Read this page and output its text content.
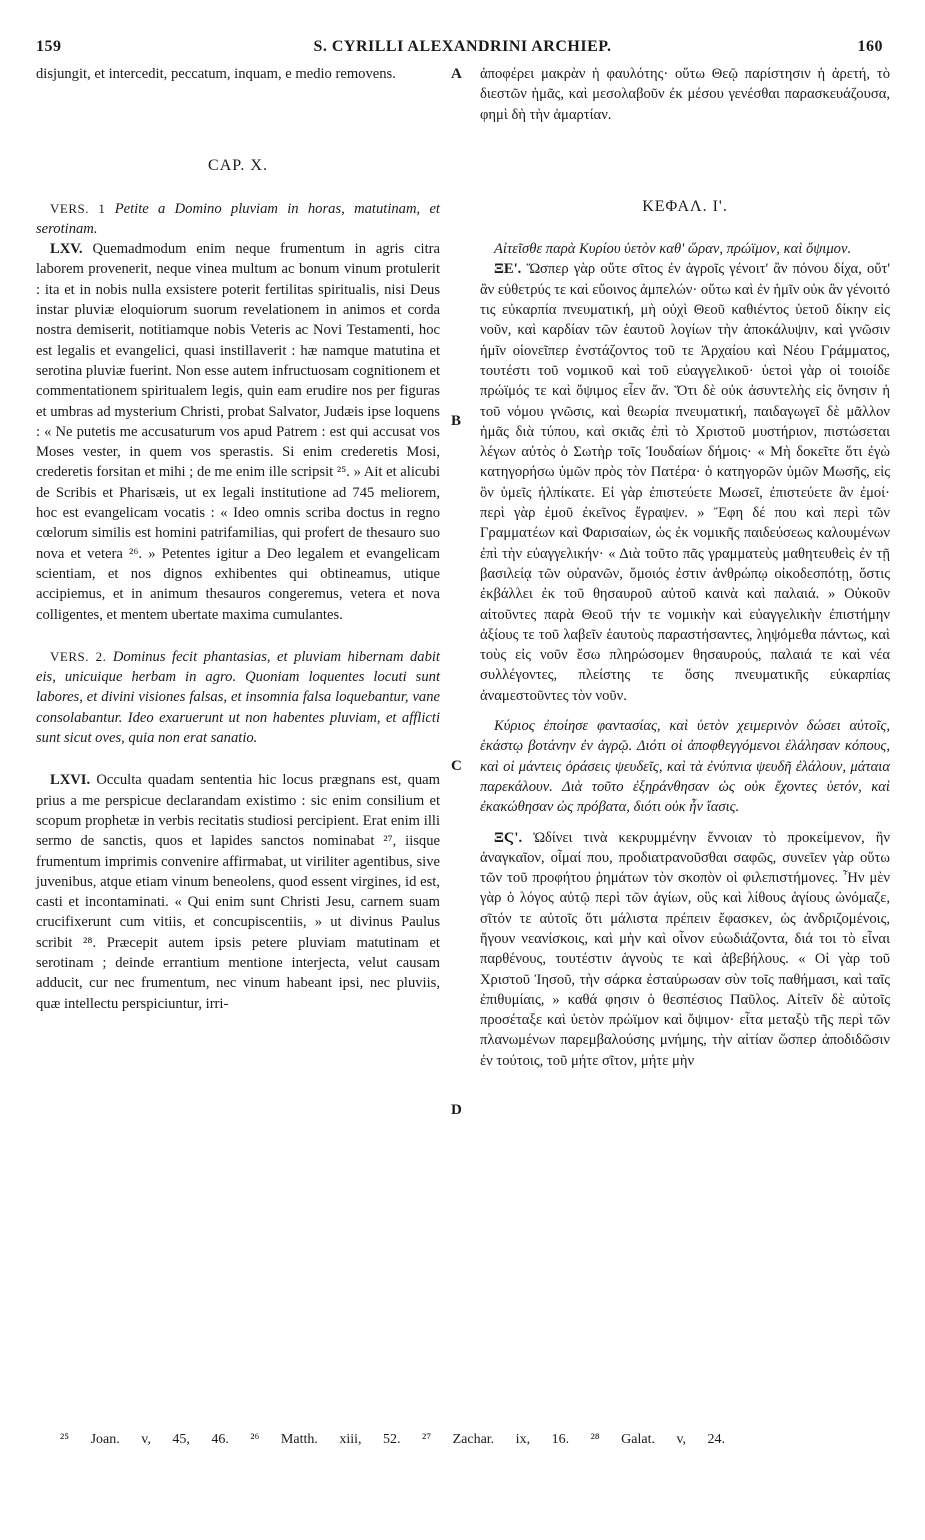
159	S. CYRILLI ALEXANDRINI ARCHIEP.	160

disjungit, et intercedit, peccatum, inquam, e medio removens.

CAP. X.

VERS. 1 Petite a Domino pluviam in horas, matutinam, et serotinam.

LXV. Quemadmodum enim neque frumentum in agris citra laborem provenerit, neque vinea multum ac bonum vinum protulerit : ita et in nobis nulla exsistere poterit fertilitas spiritualis, nisi Deus instar pluviæ eloquiorum suorum revelationem in animos et corda nostra demiserit, notitiamque nobis Veteris ac Novi Testamenti, hoc est legalis et evangelici, quasi instillaverit : hæ namque matutina et serotina pluviæ fuerint. Non esse autem infructuosam cognitionem et commentationem spiritualem legis, quin eam erudire nos per figuras et umbras ad mysterium Christi, probat Salvator, Judæis ipse loquens : « Ne putetis me accusaturum vos apud Patrem : est qui accusat vos Moses vester, in quem vos sperastis. Si enim crederetis Mosi, crederetis forsitan et mihi ; de me enim ille scripsit ²⁵. » Ait et alicubi de Scribis et Pharisæis, ut ex legali institutione ad 745 meliorem, hoc est evangelicam vocatis : « Ideo omnis scriba doctus in regno cœlorum similis est homini patrifamilias, qui profert de thesauro suo nova et vetera ²⁶. » Petentes igitur a Deo legalem et evangelicam scientiam, et nos dignos exhibentes qui obtineamus, utique accipiemus, et in animum thesauros congeremus, vetera et nova colligentes, et mentem ubertate maxima cumulantes.

VERS. 2. Dominus fecit phantasias, et pluviam hibernam dabit eis, unicuique herbam in agro. Quoniam loquentes locuti sunt labores, et divini visiones falsas, et insomnia falsa loquebantur, vane consolabantur. Ideo exaruerunt ut non habentes pluviam, et afflicti sunt sicut oves, quia non erat sanatio.

LXVI. Occulta quadam sententia hic locus prægnans est, quam prius a me perspicue declarandam existimo : sic enim consilium et scopum prophetæ in verbis recitatis studiosi percipient. Erat enim illi sermo de sanctis, quos et lapides sanctos nominabat ²⁷, iisque frumentum imprimis convenire affirmabat, ut viriliter agentibus, sive juvenibus, atque etiam vinum beneolens, quod essent virgines, id est, casti et incontaminati. « Qui enim sunt Christi Jesu, carnem suam crucifixerunt cum vitiis, et concupiscentiis, » ut divinus Paulus scribit ²⁸. Præcepit autem ipsis petere pluviam matutinam et serotinam ; deinde errantium mentione interjecta, velut causam adducit, cur nec frumentum, nec vinum habeant ipsi, nec pluviis, quæ intellectu perspiciuntur, irri-

A
B
C
D

ἀποφέρει μακρὰν ἡ φαυλότης· οὕτω Θεῷ παρίστησιν ἡ ἀρετή, τὸ διεστῶν ἡμᾶς, καὶ μεσολαβοῦν ἐκ μέσου γενέσθαι παρασκευάζουσα, φημὶ δὴ τὴν ἁμαρτίαν.

ΚΕΦΑΛ. Ι'.

Αἰτεῖσθε παρὰ Κυρίου ὑετὸν καθ' ὥραν, πρώϊμον, καὶ ὄψιμον.

ΞΕ'. Ὥσπερ γὰρ οὔτε σῖτος ἐν ἀγροῖς γένοιτ' ἂν πόνου δίχα, οὔτ' ἂν εὐθετρύς τε καὶ εὔοινος ἀμπελών· οὕτω καὶ ἐν ἡμῖν οὐκ ἂν γένοιτό τις εὐκαρπία πνευματική, μὴ οὐχὶ Θεοῦ καθιέντος ὑετοῦ δίκην εἰς νοῦν, καὶ καρδίαν τῶν ἑαυτοῦ λογίων τὴν ἀποκάλυψιν, καὶ γνῶσιν ἡμῖν οἱονεῖπερ ἐνστάζοντος τοῦ τε Ἀρχαίου καὶ Νέου Γράμματος, τουτέστι τοῦ νομικοῦ καὶ τοῦ εὐαγγελικοῦ· ὑετοὶ γὰρ οἱ τοιοίδε πρώϊμός τε καὶ ὄψιμος εἶεν ἄν. Ὅτι δὲ οὐκ ἀσυντελὴς εἰς ὄνησιν ἡ τοῦ νόμου γνῶσις, καὶ θεωρία πνευματική, παιδαγωγεῖ δὲ μᾶλλον ἡμᾶς διὰ τύπου, καὶ σκιᾶς ἐπὶ τὸ Χριστοῦ μυστήριον, πιστώσεται λέγων αὐτὸς ὁ Σωτὴρ τοῖς Ἰουδαίων δήμοις· « Μὴ δοκεῖτε ὅτι ἐγὼ κατηγορήσω ὑμῶν πρὸς τὸν Πατέρα· ὁ κατηγορῶν ὑμῶν Μωσῆς, εἰς ὃν ὑμεῖς ἠλπίκατε. Εἰ γὰρ ἐπιστεύετε Μωσεῖ, ἐπιστεύετε ἂν ἐμοί· περὶ γὰρ ἐμοῦ ἐκεῖνος ἔγραψεν. » Ἔφη δέ που καὶ περὶ τῶν Γραμματέων καὶ Φαρισαίων, ὡς ἐκ νομικῆς παιδεύσεως καλουμένων ἐπὶ τὴν εὐαγγελικήν· « Διὰ τοῦτο πᾶς γραμματεὺς μαθητευθεὶς ἐν τῇ βασιλείᾳ τῶν οὐρανῶν, ὅμοιός ἐστιν ἀνθρώπῳ οἰκοδεσπότῃ, ὅστις ἐκβάλλει ἐκ τοῦ θησαυροῦ αὐτοῦ καινὰ καὶ παλαιά. » Οὐκοῦν αἰτοῦντες παρὰ Θεοῦ τήν τε νομικὴν καὶ εὐαγγελικὴν ἐπιστήμην ἀξίους τε τοῦ λαβεῖν ἑαυτοὺς παραστήσαντες, ληψόμεθα πάντως, καὶ τοὺς εἰς νοῦν ἔσω πληρώσομεν θησαυρούς, παλαιά τε καὶ νέα συλλέγοντες, πλείστης τε ὅσης πνευματικῆς εὐκαρπίας ἀναμεστοῦντες τὸν νοῦν.

Κύριος ἐποίησε φαντασίας, καὶ ὑετὸν χειμερινὸν δώσει αὐτοῖς, ἑκάστῳ βοτάνην ἐν ἀγρῷ. Διότι οἱ ἀποφθεγγόμενοι ἐλάλησαν κόπους, καὶ οἱ μάντεις ὁράσεις ψευδεῖς, καὶ τὰ ἐνύπνια ψευδῆ ἐλάλουν, μάταια παρεκάλουν. Διὰ τοῦτο ἐξηράνθησαν ὡς οὐκ ἔχοντες ὑετόν, καὶ ἐκακώθησαν ὡς πρόβατα, διότι οὐκ ἦν ἴασις.

ΞϚ'. Ὠδίνει τινὰ κεκρυμμένην ἔννοιαν τὸ προκείμενον, ἣν ἀναγκαῖον, οἶμαί που, προδιατρανοῦσθαι σαφῶς, συνεῖεν γὰρ οὕτω τῶν τοῦ προφήτου ῥημάτων τὸν σκοπὸν οἱ φιλεπιστήμονες. Ἦν μὲν γὰρ ὁ λόγος αὐτῷ περὶ τῶν ἁγίων, οὓς καὶ λίθους ἁγίους ὠνόμαζε, σῖτόν τε αὐτοῖς ὅτι μάλιστα πρέπειν ἔφασκεν, ὡς ἀνδριζομένοις, ἤγουν νεανίσκοις, καὶ μὴν καὶ οἶνον εὐωδιάζοντα, διά τοι τὸ εἶναι παρθένους, τουτέστιν ἁγνοὺς τε καὶ ἀβεβήλους. « Οἱ γὰρ τοῦ Χριστοῦ Ἰησοῦ, τὴν σάρκα ἐσταύρωσαν σὺν τοῖς παθήμασι, καὶ ταῖς ἐπιθυμίαις, » καθά φησιν ὁ θεσπέσιος Παῦλος. Αἰτεῖν δὲ αὐτοῖς προσέταξε καὶ ὑετὸν πρώϊμον καὶ ὄψιμον· εἶτα μεταξὺ τῆς περὶ τῶν πλανωμένων παρεμβαλούσης μνήμης, τὴν αἰτίαν ὥσπερ ἀποδιδῶσιν ἐν τούτοις, τοῦ μήτε σῖτον, μήτε μὴν

²⁵ Joan. v, 45, 46. ²⁶ Matth. xiii, 52. ²⁷ Zachar. ix, 16. ²⁸ Galat. v, 24.
